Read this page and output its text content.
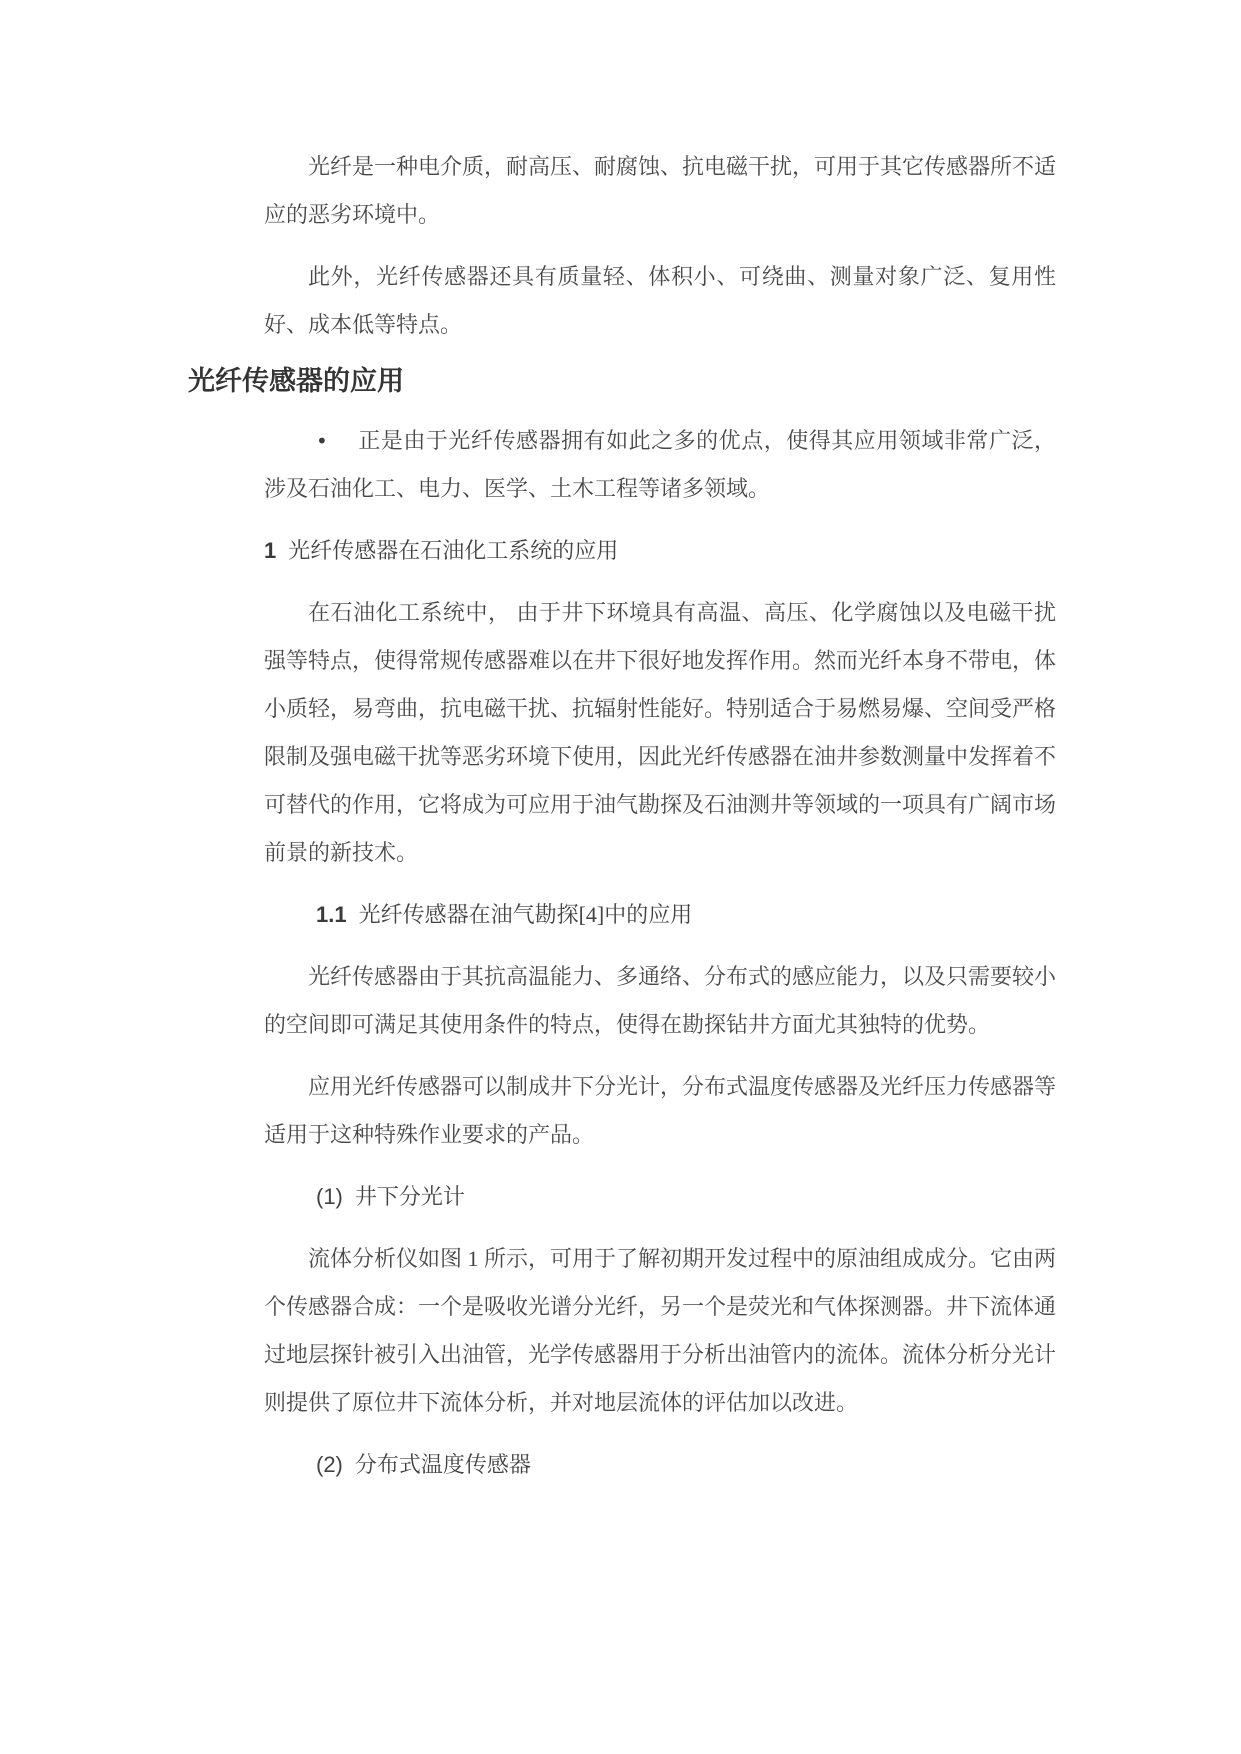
光纤是一种电介质，耐高压、耐腐蚀、抗电磁干扰，可用于其它传感器所不适应的恶劣环境中。

此外，光纤传感器还具有质量轻、体积小、可绕曲、测量对象广泛、复用性好、成本低等特点。

光纤传感器的应用

• 正是由于光纤传感器拥有如此之多的优点，使得其应用领域非常广泛，涉及石油化工、电力、医学、土木工程等诸多领域。

1 光纤传感器在石油化工系统的应用

在石油化工系统中， 由于井下环境具有高温、高压、化学腐蚀以及电磁干扰强等特点，使得常规传感器难以在井下很好地发挥作用。然而光纤本身不带电，体小质轻，易弯曲，抗电磁干扰、抗辐射性能好。特别适合于易燃易爆、空间受严格限制及强电磁干扰等恶劣环境下使用，因此光纤传感器在油井参数测量中发挥着不可替代的作用，它将成为可应用于油气勘探及石油测井等领域的一项具有广阔市场前景的新技术。

1.1 光纤传感器在油气勘探[4]中的应用

光纤传感器由于其抗高温能力、多通络、分布式的感应能力，以及只需要较小的空间即可满足其使用条件的特点，使得在勘探钻井方面尤其独特的优势。

应用光纤传感器可以制成井下分光计，分布式温度传感器及光纤压力传感器等适用于这种特殊作业要求的产品。

(1) 井下分光计

流体分析仪如图 1 所示，可用于了解初期开发过程中的原油组成成分。它由两个传感器合成：一个是吸收光谱分光纤，另一个是荧光和气体探测器。井下流体通过地层探针被引入出油管，光学传感器用于分析出油管内的流体。流体分析分光计则提供了原位井下流体分析，并对地层流体的评估加以改进。

(2) 分布式温度传感器
